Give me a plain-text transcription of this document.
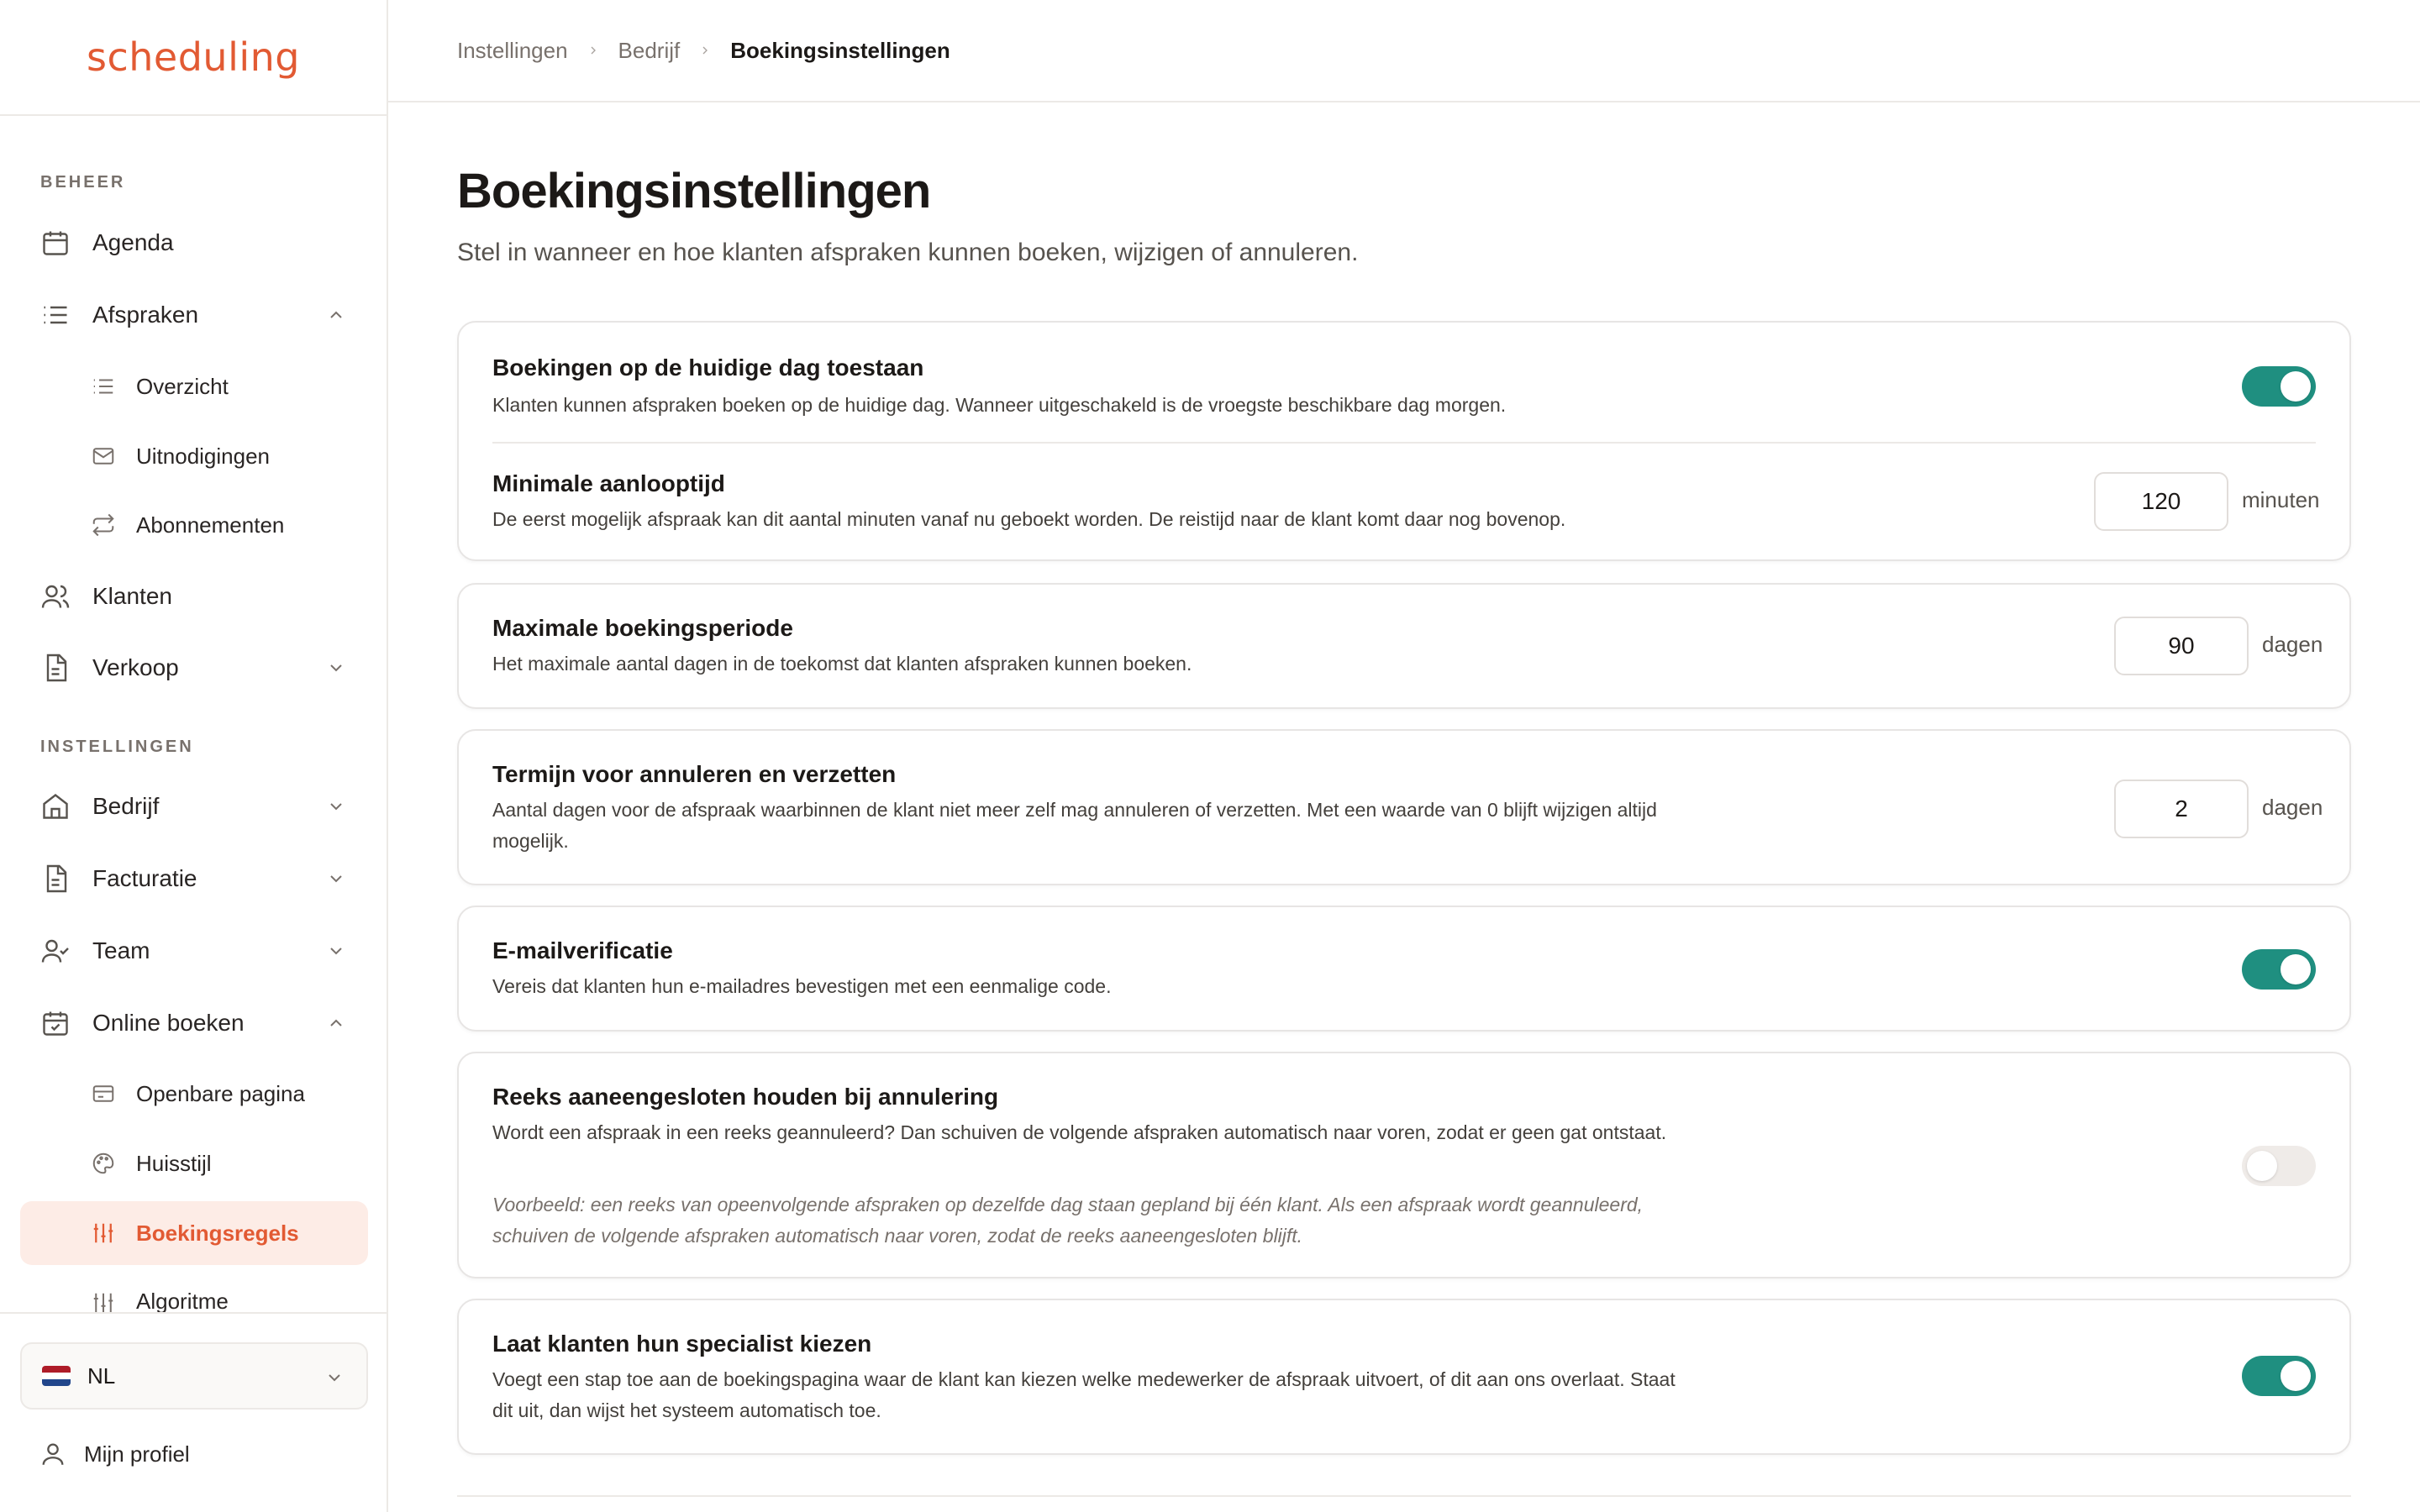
scheduling
BEHEER
Agenda
Afspraken
Overzicht
Uitnodigingen
Abonnementen
Klanten
Verkoop
INSTELLINGEN
Bedrijf
Facturatie
Team
Online boeken
Openbare pagina
Huisstijl
Boekingsregels
Algoritme
NL
Mijn profiel
Instellingen Bedrijf Boekingsinstellingen
Boekingsinstellingen

Stel in wanneer en hoe klanten afspraken kunnen boeken, wijzigen of annuleren.

Boekingen op de huidige dag toestaan
Klanten kunnen afspraken boeken op de huidige dag. Wanneer uitgeschakeld is de vroegste beschikbare dag morgen.
Minimale aanlooptijd
De eerst mogelijk afspraak kan dit aantal minuten vanaf nu geboekt worden. De reistijd naar de klant komt daar nog bovenop.
120
minuten
Maximale boekingsperiode
Het maximale aantal dagen in de toekomst dat klanten afspraken kunnen boeken.
90
dagen
Termijn voor annuleren en verzetten
Aantal dagen voor de afspraak waarbinnen de klant niet meer zelf mag annuleren of verzetten. Met een waarde van 0 blijft wijzigen altijd mogelijk.
2
dagen
E-mailverificatie
Vereis dat klanten hun e-mailadres bevestigen met een eenmalige code.
Reeks aaneengesloten houden bij annulering
Wordt een afspraak in een reeks geannuleerd? Dan schuiven de volgende afspraken automatisch naar voren, zodat er geen gat ontstaat.
Voorbeeld: een reeks van opeenvolgende afspraken op dezelfde dag staan gepland bij één klant. Als een afspraak wordt geannuleerd, schuiven de volgende afspraken automatisch naar voren, zodat de reeks aaneengesloten blijft.
Laat klanten hun specialist kiezen
Voegt een stap toe aan de boekingspagina waar de klant kan kiezen welke medewerker de afspraak uitvoert, of dit aan ons overlaat. Staat dit uit, dan wijst het systeem automatisch toe.
